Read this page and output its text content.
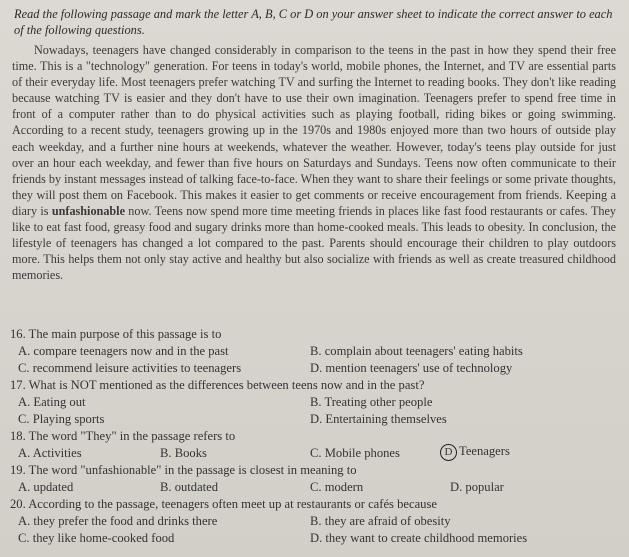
Read the following passage and mark the letter A, B, C or D on your answer sheet to indicate the correct answer to each of the following questions.
Nowadays, teenagers have changed considerably in comparison to the teens in the past in how they spend their free time. This is a "technology" generation. For teens in today's world, mobile phones, the Internet, and TV are essential parts of their everyday life. Most teenagers prefer watching TV and surfing the Internet to reading books. They don't like reading because watching TV is easier and they don't have to use their own imagination. Teenagers prefer to spend free time in front of a computer rather than to do physical activities such as playing football, riding bikes or going swimming. According to a recent study, teenagers growing up in the 1970s and 1980s enjoyed more than two hours of outside play each weekday, and a further nine hours at weekends, whatever the weather. However, today's teens play outside for just over an hour each weekday, and fewer than five hours on Saturdays and Sundays. Teens now often communicate to their friends by instant messages instead of talking face-to-face. When they want to share their feelings or some private thoughts, they will post them on Facebook. This makes it easier to get comments or receive encouragement from friends. Keeping a diary is unfashionable now. Teens now spend more time meeting friends in places like fast food restaurants or cafes. They like to eat fast food, greasy food and sugary drinks more than home-cooked meals. This leads to obesity. In conclusion, the lifestyle of teenagers has changed a lot compared to the past. Parents should encourage their children to play outdoors more. This helps them not only stay active and healthy but also socialize with friends as well as create treasured childhood memories.
16. The main purpose of this passage is to
A. compare teenagers now and in the past	B. complain about teenagers' eating habits
C. recommend leisure activities to teenagers	D. mention teenagers' use of technology
17. What is NOT mentioned as the differences between teens now and in the past?
A. Eating out	B. Treating other people
C. Playing sports	D. Entertaining themselves
18. The word "They" in the passage refers to
A. Activities	B. Books	C. Mobile phones	D Teenagers
19. The word "unfashionable" in the passage is closest in meaning to
A. updated	B. outdated	C. modern	D. popular
20. According to the passage, teenagers often meet up at restaurants or cafés because
A. they prefer the food and drinks there	B. they are afraid of obesity
C. they like home-cooked food	D. they want to create childhood memories
